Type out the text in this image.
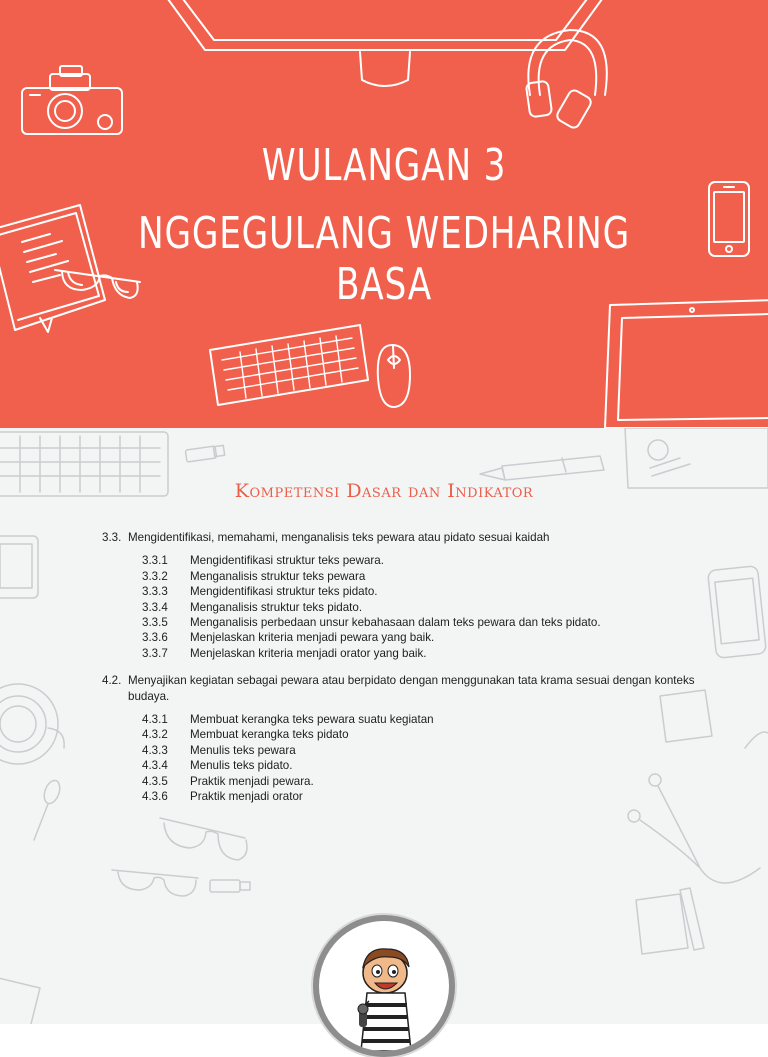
WULANGAN 3
NGGEGULANG WEDHARING BASA
Kompetensi Dasar dan Indikator
3.3. Mengidentifikasi, memahami, menganalisis teks pewara atau pidato sesuai kaidah
3.3.1	Mengidentifikasi struktur teks pewara.
3.3.2	Menganalisis struktur teks pewara
3.3.3	Mengidentifikasi struktur teks pidato.
3.3.4	Menganalisis struktur teks pidato.
3.3.5	Menganalisis perbedaan unsur kebahasaan dalam teks pewara dan teks pidato.
3.3.6	Menjelaskan kriteria menjadi pewara yang baik.
3.3.7	Menjelaskan kriteria menjadi orator yang baik.
4.2. Menyajikan kegiatan sebagai pewara atau berpidato dengan menggunakan tata krama sesuai dengan konteks budaya.
4.3.1	Membuat kerangka teks pewara suatu kegiatan
4.3.2	Membuat kerangka teks pidato
4.3.3	Menulis teks pewara
4.3.4	Menulis teks pidato.
4.3.5	Praktik menjadi pewara.
4.3.6	Praktik menjadi orator
